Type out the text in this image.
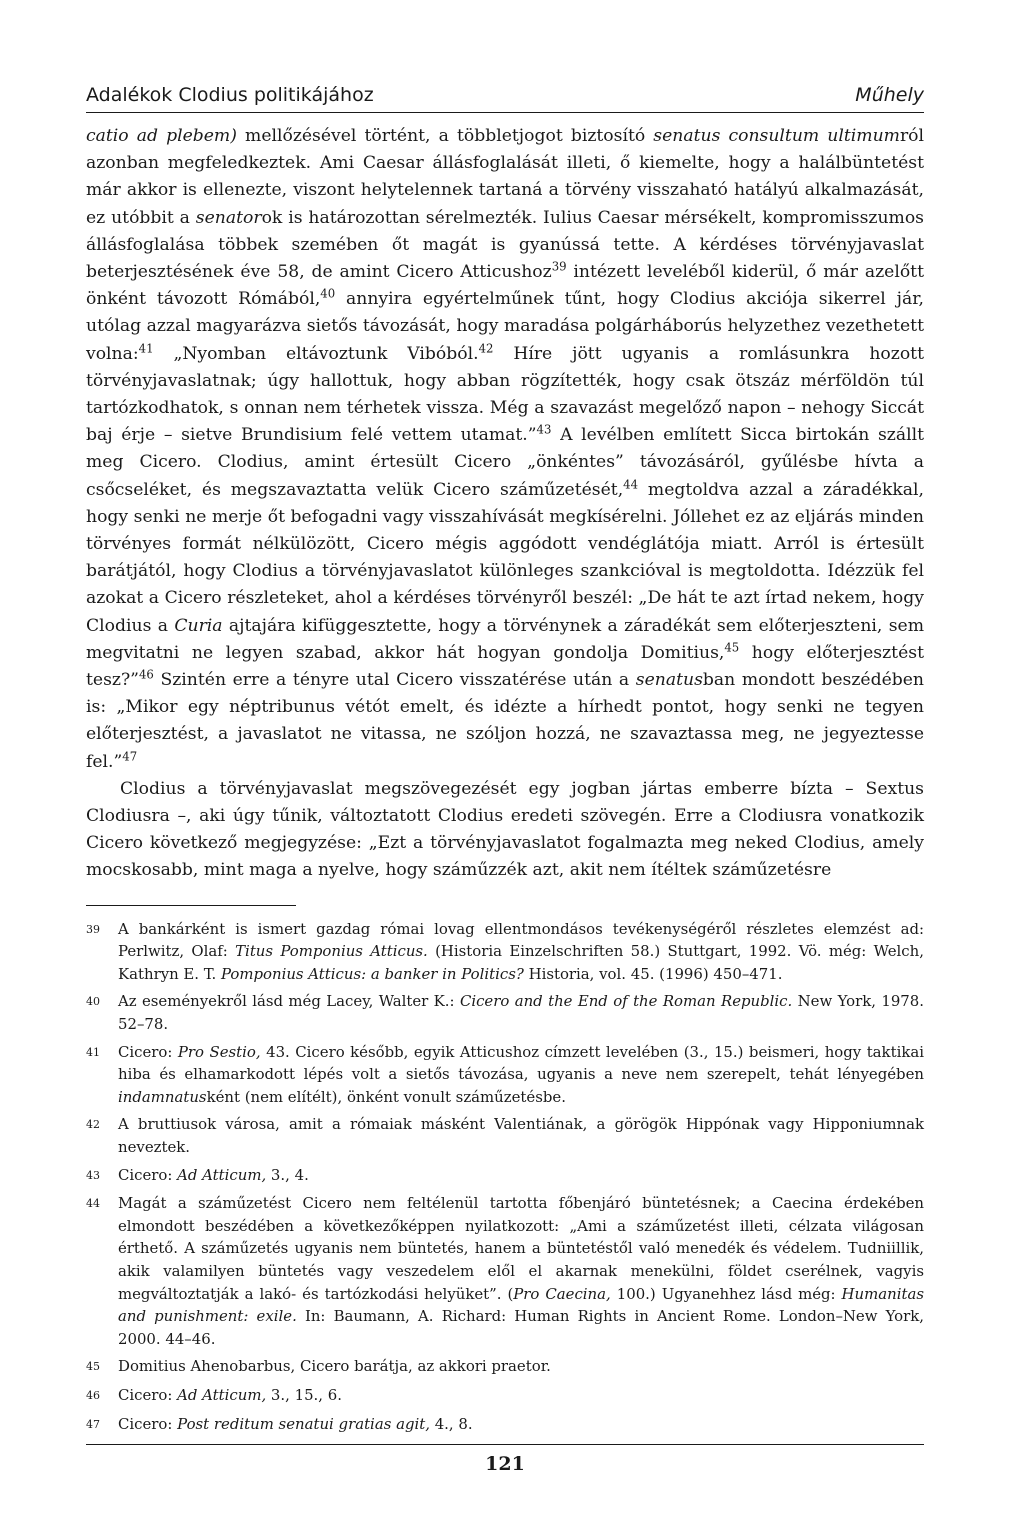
Adalékok Clodius politikájához	Műhely

catio ad plebem) mellőzésével történt, a többletjogot biztosító senatus consultum ultimumról azonban megfeledkeztek. Ami Caesar állásfoglalását illeti, ő kiemelte, hogy a halálbüntetést már akkor is ellenezte, viszont helytelennek tartaná a törvény visszaható hatályú alkalmazását, ez utóbbit a senatorok is határozottan sérelmezték. Iulius Caesar mérsékelt, kompromisszumos állásfoglalása többek szemében őt magát is gyanússá tette. A kérdéses törvényjavaslat beterjesztésének éve 58, de amint Cicero Atticushoz$^{39}$ intézett leveléből kiderül, ő már azelőtt önként távozott Rómából,$^{40}$ annyira egyértelműnek tűnt, hogy Clodius akciója sikerrel jár, utólag azzal magyarázva sietős távozását, hogy maradása polgárháborús helyzethez vezethetett volna:$^{41}$ „Nyomban eltávoztunk Vibóból.$^{42}$ Híre jött ugyanis a romlásunkra hozott törvényjavaslatnak; úgy hallottuk, hogy abban rögzítették, hogy csak ötszáz mérföldön túl tartózkodhatok, s onnan nem térhetek vissza. Még a szavazást megelőző napon – nehogy Siccát baj érje – sietve Brundisium felé vettem utamat.”$^{43}$ A levélben említett Sicca birtokán szállt meg Cicero. Clodius, amint értesült Cicero „önkéntes” távozásáról, gyűlésbe hívta a csőcseléket, és megszavaztatta velük Cicero száműzetését,$^{44}$ megtoldva azzal a záradékkal, hogy senki ne merje őt befogadni vagy visszahívását megkísérelni. Jóllehet ez az eljárás minden törvényes formát nélkülözött, Cicero mégis aggódott vendéglátója miatt. Arról is értesült barátjától, hogy Clodius a törvényjavaslatot különleges szankcióval is megtoldotta. Idézzük fel azokat a Cicero részleteket, ahol a kérdéses törvényről beszél: „De hát te azt írtad nekem, hogy Clodius a Curia ajtajára kifüggesztette, hogy a törvénynek a záradékát sem előterjeszteni, sem megvitatni ne legyen szabad, akkor hát hogyan gondolja Domitius,$^{45}$ hogy előterjesztést tesz?”$^{46}$ Szintén erre a tényre utal Cicero visszatérése után a senatusban mondott beszédében is: „Mikor egy néptribunus vétót emelt, és idézte a hírhedt pontot, hogy senki ne tegyen előterjesztést, a javaslatot ne vitassa, ne szóljon hozzá, ne szavaztassa meg, ne jegyeztesse fel.”$^{47}$

Clodius a törvényjavaslat megszövegezését egy jogban jártas emberre bízta – Sextus Clodiusra –, aki úgy tűnik, változtatott Clodius eredeti szövegén. Erre a Clodiusra vonatkozik Cicero következő megjegyzése: „Ezt a törvényjavaslatot fogalmazta meg neked Clodius, amely mocskosabb, mint maga a nyelve, hogy száműzzék azt, akit nem ítéltek száműzetésre

39	A bankárként is ismert gazdag római lovag ellentmondásos tevékenységéről részletes elemzést ad: Perlwitz, Olaf: Titus Pomponius Atticus. (Historia Einzelschriften 58.) Stuttgart, 1992. Vö. még: Welch, Kathryn E. T. Pomponius Atticus: a banker in Politics? Historia, vol. 45. (1996) 450–471.
40	Az eseményekről lásd még Lacey, Walter K.: Cicero and the End of the Roman Republic. New York, 1978. 52–78.
41	Cicero: Pro Sestio, 43. Cicero később, egyik Atticushoz címzett levelében (3., 15.) beismeri, hogy taktikai hiba és elhamarkodott lépés volt a sietős távozása, ugyanis a neve nem szerepelt, tehát lényegében indamnatusként (nem elítélt), önként vonult száműzetésbe.
42	A bruttiusok városa, amit a rómaiak másként Valentiának, a görögök Hippónak vagy Hipponiumnak neveztek.
43	Cicero: Ad Atticum, 3., 4.
44	Magát a száműzetést Cicero nem feltélenül tartotta főbenjáró büntetésnek; a Caecina érdekében elmondott beszédében a következőképpen nyilatkozott: „Ami a száműzetést illeti, célzata világosan érthető. A száműzetés ugyanis nem büntetés, hanem a büntetéstől való menedék és védelem. Tudniillik, akik valamilyen büntetés vagy veszedelem elől el akarnak menekülni, földet cserélnek, vagyis megváltoztatják a lakó- és tartózkodási helyüket”. (Pro Caecina, 100.) Ugyanehhez lásd még: Humanitas and punishment: exile. In: Baumann, A. Richard: Human Rights in Ancient Rome. London–New York, 2000. 44–46.
45	Domitius Ahenobarbus, Cicero barátja, az akkori praetor.
46	Cicero: Ad Atticum, 3., 15., 6.
47	Cicero: Post reditum senatui gratias agit, 4., 8.
121
